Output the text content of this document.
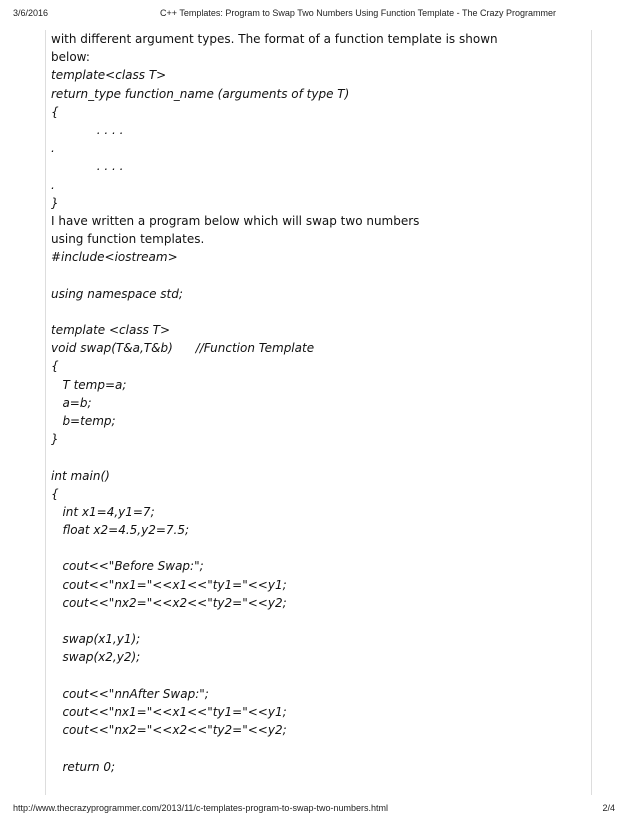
3/6/2016	C++ Templates: Program to Swap Two Numbers Using Function Template - The Crazy Programmer
with different argument types. The format of a function template is shown
below:
template<class T>
return_type function_name (arguments of type T)
{
. . . .
.
. . . .
.
}
I have written a program below which will swap two numbers
using function templates.
#include<iostream>
using namespace std;
template <class T>
void swap(T&a,T&b)      //Function Template
{
T temp=a;
a=b;
b=temp;
}
int main()
{
int x1=4,y1=7;
float x2=4.5,y2=7.5;
cout<<"Before Swap:";
cout<<"nx1="<<x1<<"ty1="<<y1;
cout<<"nx2="<<x2<<"ty2="<<y2;
swap(x1,y1);
swap(x2,y2);
cout<<"nnAfter Swap:";
cout<<"nx1="<<x1<<"ty1="<<y1;
cout<<"nx2="<<x2<<"ty2="<<y2;
return 0;
http://www.thecrazyprogrammer.com/2013/11/c-templates-program-to-swap-two-numbers.html	2/4
